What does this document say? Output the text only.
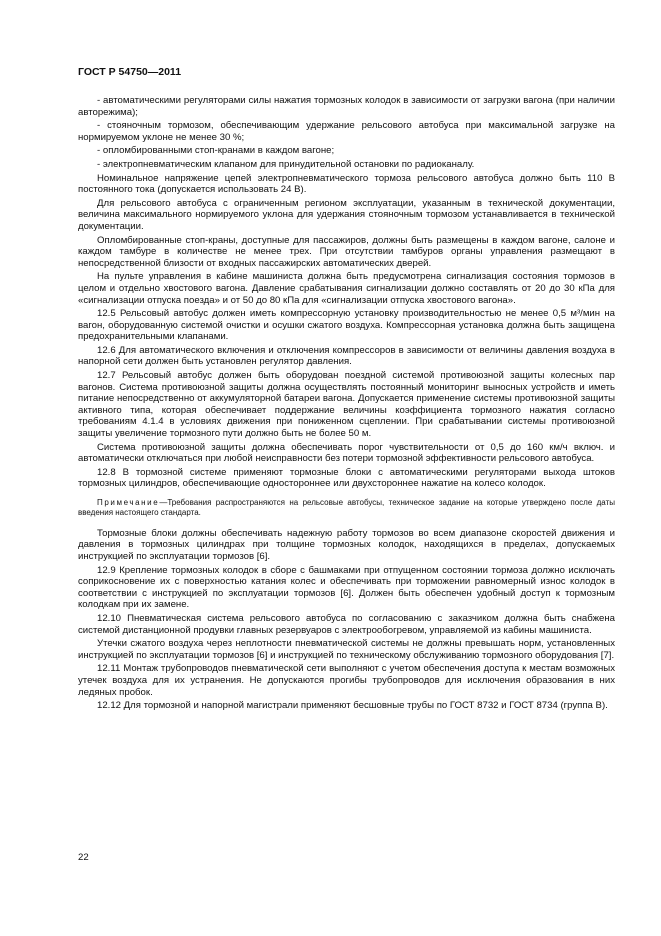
ГОСТ Р 54750—2011

- автоматическими регуляторами силы нажатия тормозных колодок в зависимости от загрузки вагона (при наличии авторежима);

- стояночным тормозом, обеспечивающим удержание рельсового автобуса при максимальной загрузке на нормируемом уклоне не менее 30 %;

- опломбированными стоп-кранами в каждом вагоне;

- электропневматическим клапаном для принудительной остановки по радиоканалу.

Номинальное напряжение цепей электропневматического тормоза рельсового автобуса должно быть 110 В постоянного тока (допускается использовать 24 В).

Для рельсового автобуса с ограниченным регионом эксплуатации, указанным в технической документации, величина максимального нормируемого уклона для удержания стояночным тормозом устанавливается в технической документации.

Опломбированные стоп-краны, доступные для пассажиров, должны быть размещены в каждом вагоне, салоне и каждом тамбуре в количестве не менее трех. При отсутствии тамбуров органы управления размещают в непосредственной близости от входных пассажирских автоматических дверей.

На пульте управления в кабине машиниста должна быть предусмотрена сигнализация состояния тормозов в целом и отдельно хвостового вагона. Давление срабатывания сигнализации должно составлять от 20 до 30 кПа для «сигнализации отпуска поезда» и от 50 до 80 кПа для «сигнализации отпуска хвостового вагона».

12.5 Рельсовый автобус должен иметь компрессорную установку производительностью не менее 0,5 м³/мин на вагон, оборудованную системой очистки и осушки сжатого воздуха. Компрессорная установка должна быть защищена предохранительными клапанами.

12.6 Для автоматического включения и отключения компрессоров в зависимости от величины давления воздуха в напорной сети должен быть установлен регулятор давления.

12.7 Рельсовый автобус должен быть оборудован поездной системой противоюзной защиты колесных пар вагонов. Система противоюзной защиты должна осуществлять постоянный мониторинг выносных устройств и иметь питание непосредственно от аккумуляторной батареи вагона. Допускается применение системы противоюзной защиты активного типа, которая обеспечивает поддержание величины коэффициента тормозного нажатия согласно требованиям 4.1.4 в условиях движения при пониженном сцеплении. При срабатывании системы противоюзной защиты увеличение тормозного пути должно быть не более 50 м.

Система противоюзной защиты должна обеспечивать порог чувствительности от 0,5 до 160 км/ч включ. и автоматически отключаться при любой неисправности без потери тормозной эффективности рельсового автобуса.

12.8 В тормозной системе применяют тормозные блоки с автоматическими регуляторами выхода штоков тормозных цилиндров, обеспечивающие одностороннее или двухстороннее нажатие на колесо колодок.

Примечание—Требования распространяются на рельсовые автобусы, техническое задание на которые утверждено после даты введения настоящего стандарта.

Тормозные блоки должны обеспечивать надежную работу тормозов во всем диапазоне скоростей движения и давления в тормозных цилиндрах при толщине тормозных колодок, находящихся в пределах, допускаемых инструкцией по эксплуатации тормозов [6].

12.9 Крепление тормозных колодок в сборе с башмаками при отпущенном состоянии тормоза должно исключать соприкосновение их с поверхностью катания колес и обеспечивать при торможении равномерный износ колодок в соответствии с инструкцией по эксплуатации тормозов [6]. Должен быть обеспечен удобный доступ к тормозным колодкам при их замене.

12.10 Пневматическая система рельсового автобуса по согласованию с заказчиком должна быть снабжена системой дистанционной продувки главных резервуаров с электрообогревом, управляемой из кабины машиниста.

Утечки сжатого воздуха через неплотности пневматической системы не должны превышать норм, установленных инструкцией по эксплуатации тормозов [6] и инструкцией по техническому обслуживанию тормозного оборудования [7].

12.11 Монтаж трубопроводов пневматической сети выполняют с учетом обеспечения доступа к местам возможных утечек воздуха для их устранения. Не допускаются прогибы трубопроводов для исключения образования в них ледяных пробок.

12.12 Для тормозной и напорной магистрали применяют бесшовные трубы по ГОСТ 8732 и ГОСТ 8734 (группа В).

22
